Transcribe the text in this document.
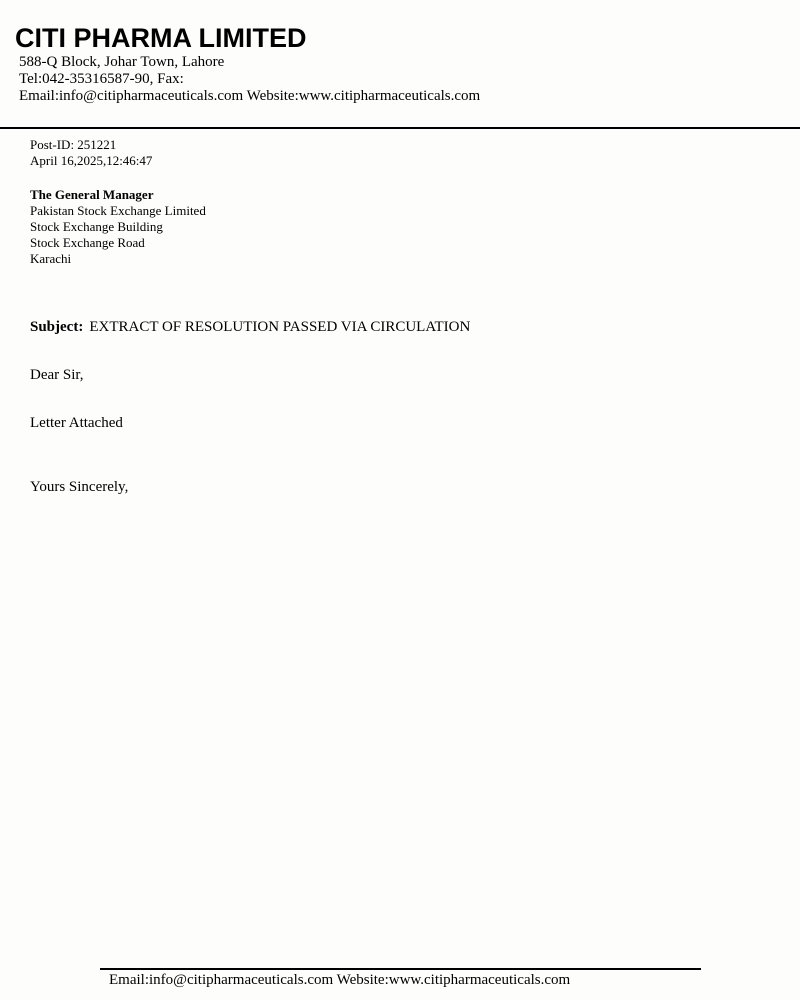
CITI PHARMA LIMITED
588-Q Block, Johar Town, Lahore
Tel:042-35316587-90, Fax:
Email:info@citipharmaceuticals.com Website:www.citipharmaceuticals.com
Post-ID: 251221
April 16,2025,12:46:47
The General Manager
Pakistan Stock Exchange Limited
Stock Exchange Building
Stock Exchange Road
Karachi
Subject: EXTRACT OF RESOLUTION PASSED VIA CIRCULATION
Dear Sir,
Letter Attached
Yours Sincerely,
Email:info@citipharmaceuticals.com Website:www.citipharmaceuticals.com
